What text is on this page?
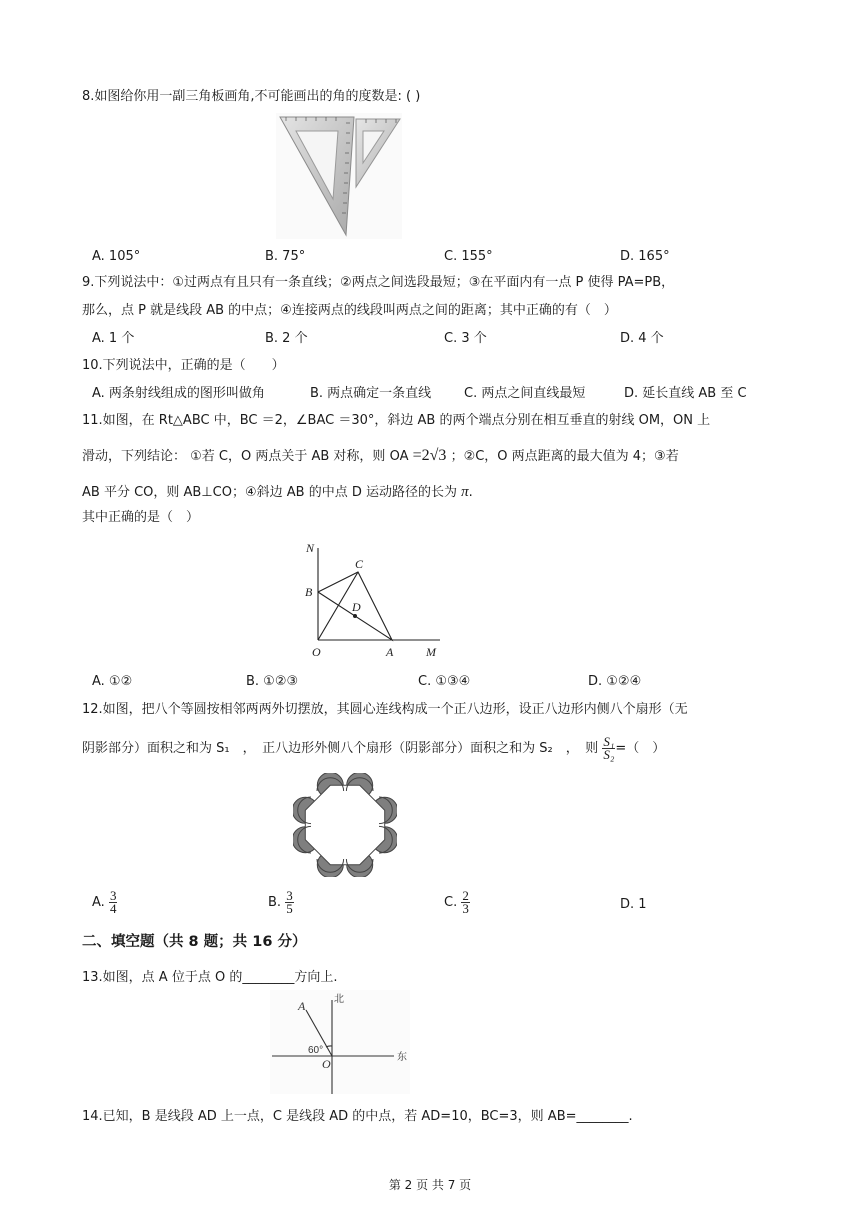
8.如图给你用一副三角板画角,不可能画出的角的度数是: ( )
A. 105°	B. 75°	C. 155°	D. 165°
9.下列说法中：①过两点有且只有一条直线；②两点之间选段最短；③在平面内有一点 P 使得 PA=PB，
那么，点 P 就是线段 AB 的中点；④连接两点的线段叫两点之间的距离；其中正确的有（　）
A. 1 个	B. 2 个	C. 3 个	D. 4 个
10.下列说法中，正确的是（　　）
A. 两条射线组成的图形叫做角	B. 两点确定一条直线	C. 两点之间直线最短	D. 延长直线 AB 至 C
11.如图，在 Rt△ABC 中，BC ＝2，∠BAC ＝30°，斜边 AB 的两个端点分别在相互垂直的射线 OM，ON 上
滑动，下列结论： ①若 C，O 两点关于 AB 对称，则 OA =2√3 ；②C，O 两点距离的最大值为 4；③若
AB 平分 CO，则 AB⊥CO；④斜边 AB 的中点 D 运动路径的长为 π.
其中正确的是（　）
N
C
B
D
O	A	M
A. ①②	B. ①②③	C. ①③④	D. ①②④
12.如图，把八个等圆按相邻两两外切摆放，其圆心连线构成一个正八边形，设正八边形内侧八个扇形（无
阴影部分）面积之和为 S₁　，　正八边形外侧八个扇形（阴影部分）面积之和为 S₂　，　则 $\frac{\text{S₁}}{\text{S₂}}$ =（　）
A. $\frac{3}{4}$	B. $\frac{3}{5}$	C. $\frac{2}{3}$	D. 1
二、填空题（共 8 题；共 16 分）
13.如图，点 A 位于点 O 的________方向上.
北
东
A
O
60°
14.已知，B 是线段 AD 上一点，C 是线段 AD 的中点，若 AD=10，BC=3，则 AB=________.
第 2 页 共 7 页
